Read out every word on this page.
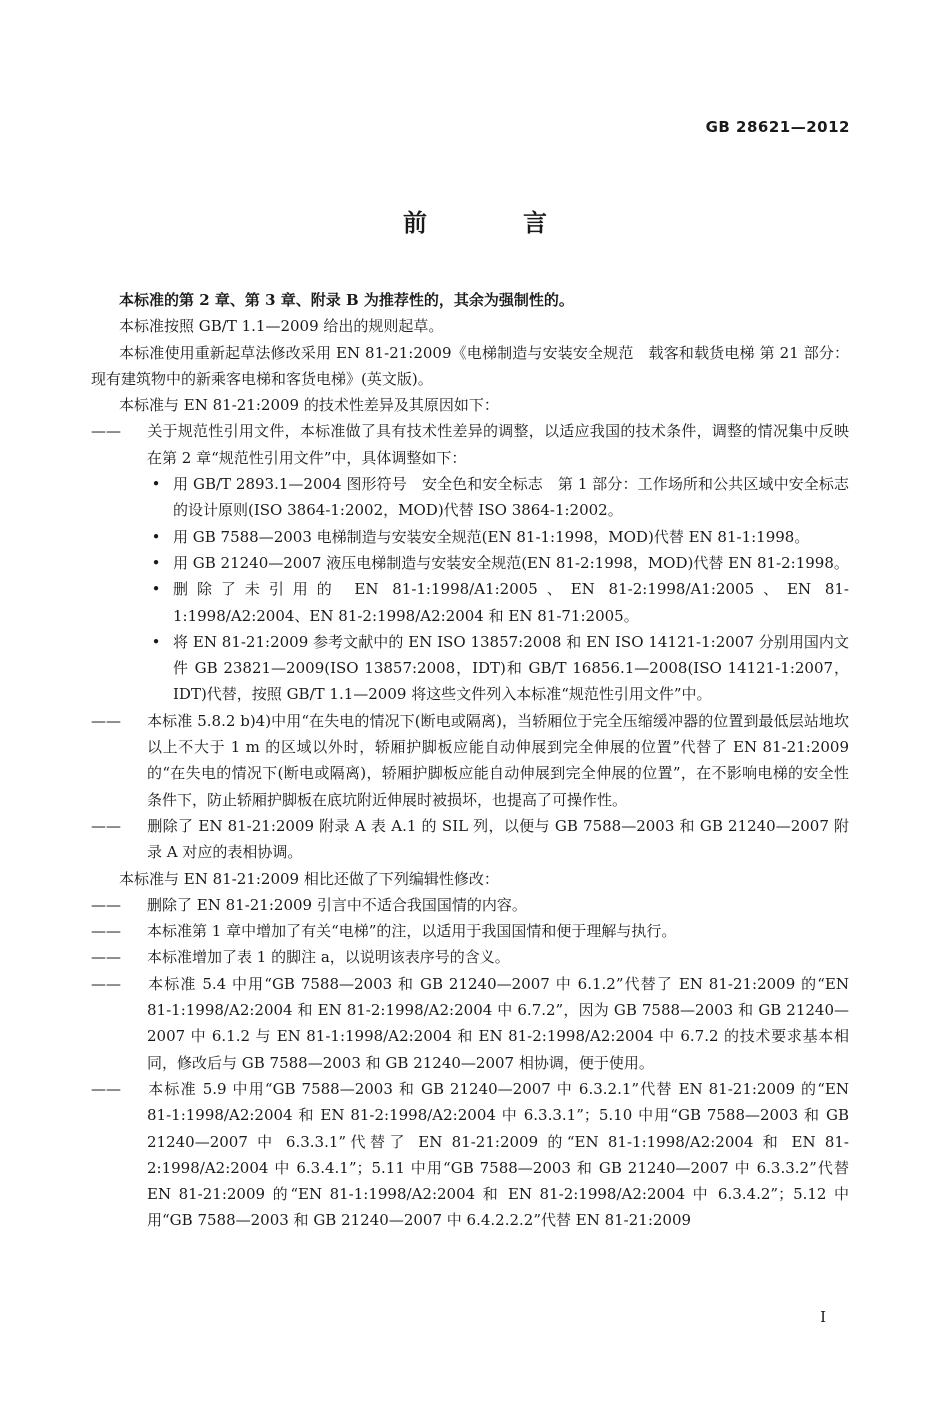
GB 28621—2012
前　言

本标准的第 2 章、第 3 章、附录 B 为推荐性的，其余为强制性的。

本标准按照 GB/T 1.1—2009 给出的规则起草。

本标准使用重新起草法修改采用 EN 81-21:2009《电梯制造与安装安全规范　载客和载货电梯 第 21 部分：现有建筑物中的新乘客电梯和客货电梯》(英文版)。

本标准与 EN 81-21:2009 的技术性差异及其原因如下：

—— 关于规范性引用文件，本标准做了具有技术性差异的调整，以适应我国的技术条件，调整的情况集中反映在第 2 章“规范性引用文件”中，具体调整如下：

• 用 GB/T 2893.1—2004 图形符号　安全色和安全标志　第 1 部分：工作场所和公共区域中安全标志的设计原则(ISO 3864-1:2002，MOD)代替 ISO 3864-1:2002。
• 用 GB 7588—2003 电梯制造与安装安全规范(EN 81-1:1998，MOD)代替 EN 81-1:1998。
• 用 GB 21240—2007 液压电梯制造与安装安全规范(EN 81-2:1998，MOD)代替 EN 81-2:1998。
• 删除了未引用的 EN 81-1:1998/A1:2005、EN 81-2:1998/A1:2005、EN 81-1:1998/A2:2004、EN 81-2:1998/A2:2004 和 EN 81-71:2005。
• 将 EN 81-21:2009 参考文献中的 EN ISO 13857:2008 和 EN ISO 14121-1:2007 分别用国内文件 GB 23821—2009(ISO 13857:2008，IDT)和 GB/T 16856.1—2008(ISO 14121-1:2007，IDT)代替，按照 GB/T 1.1—2009 将这些文件列入本标准“规范性引用文件”中。

—— 本标准 5.8.2 b)4)中用“在失电的情况下(断电或隔离)，当轿厢位于完全压缩缓冲器的位置到最低层站地坎以上不大于 1 m 的区域以外时，轿厢护脚板应能自动伸展到完全伸展的位置”代替了 EN 81-21:2009 的“在失电的情况下(断电或隔离)，轿厢护脚板应能自动伸展到完全伸展的位置”，在不影响电梯的安全性条件下，防止轿厢护脚板在底坑附近伸展时被损坏，也提高了可操作性。

—— 删除了 EN 81-21:2009 附录 A 表 A.1 的 SIL 列，以便与 GB 7588—2003 和 GB 21240—2007 附录 A 对应的表相协调。

本标准与 EN 81-21:2009 相比还做了下列编辑性修改：

—— 删除了 EN 81-21:2009 引言中不适合我国国情的内容。

—— 本标准第 1 章中增加了有关“电梯”的注，以适用于我国国情和便于理解与执行。

—— 本标准增加了表 1 的脚注 a，以说明该表序号的含义。

—— 本标准 5.4 中用“GB 7588—2003 和 GB 21240—2007 中 6.1.2”代替了 EN 81-21:2009 的“EN 81-1:1998/A2:2004 和 EN 81-2:1998/A2:2004 中 6.7.2”，因为 GB 7588—2003 和 GB 21240—2007 中 6.1.2 与 EN 81-1:1998/A2:2004 和 EN 81-2:1998/A2:2004 中 6.7.2 的技术要求基本相同，修改后与 GB 7588—2003 和 GB 21240—2007 相协调，便于使用。

—— 本标准 5.9 中用“GB 7588—2003 和 GB 21240—2007 中 6.3.2.1”代替 EN 81-21:2009 的“EN 81-1:1998/A2:2004 和 EN 81-2:1998/A2:2004 中 6.3.3.1”；5.10 中用“GB 7588—2003 和 GB 21240—2007 中 6.3.3.1”代替了 EN 81-21:2009 的“EN 81-1:1998/A2:2004 和 EN 81-2:1998/A2:2004 中 6.3.4.1”；5.11 中用“GB 7588—2003 和 GB 21240—2007 中 6.3.3.2”代替 EN 81-21:2009 的“EN 81-1:1998/A2:2004 和 EN 81-2:1998/A2:2004 中 6.3.4.2”；5.12 中用“GB 7588—2003 和 GB 21240—2007 中 6.4.2.2.2”代替 EN 81-21:2009

I
